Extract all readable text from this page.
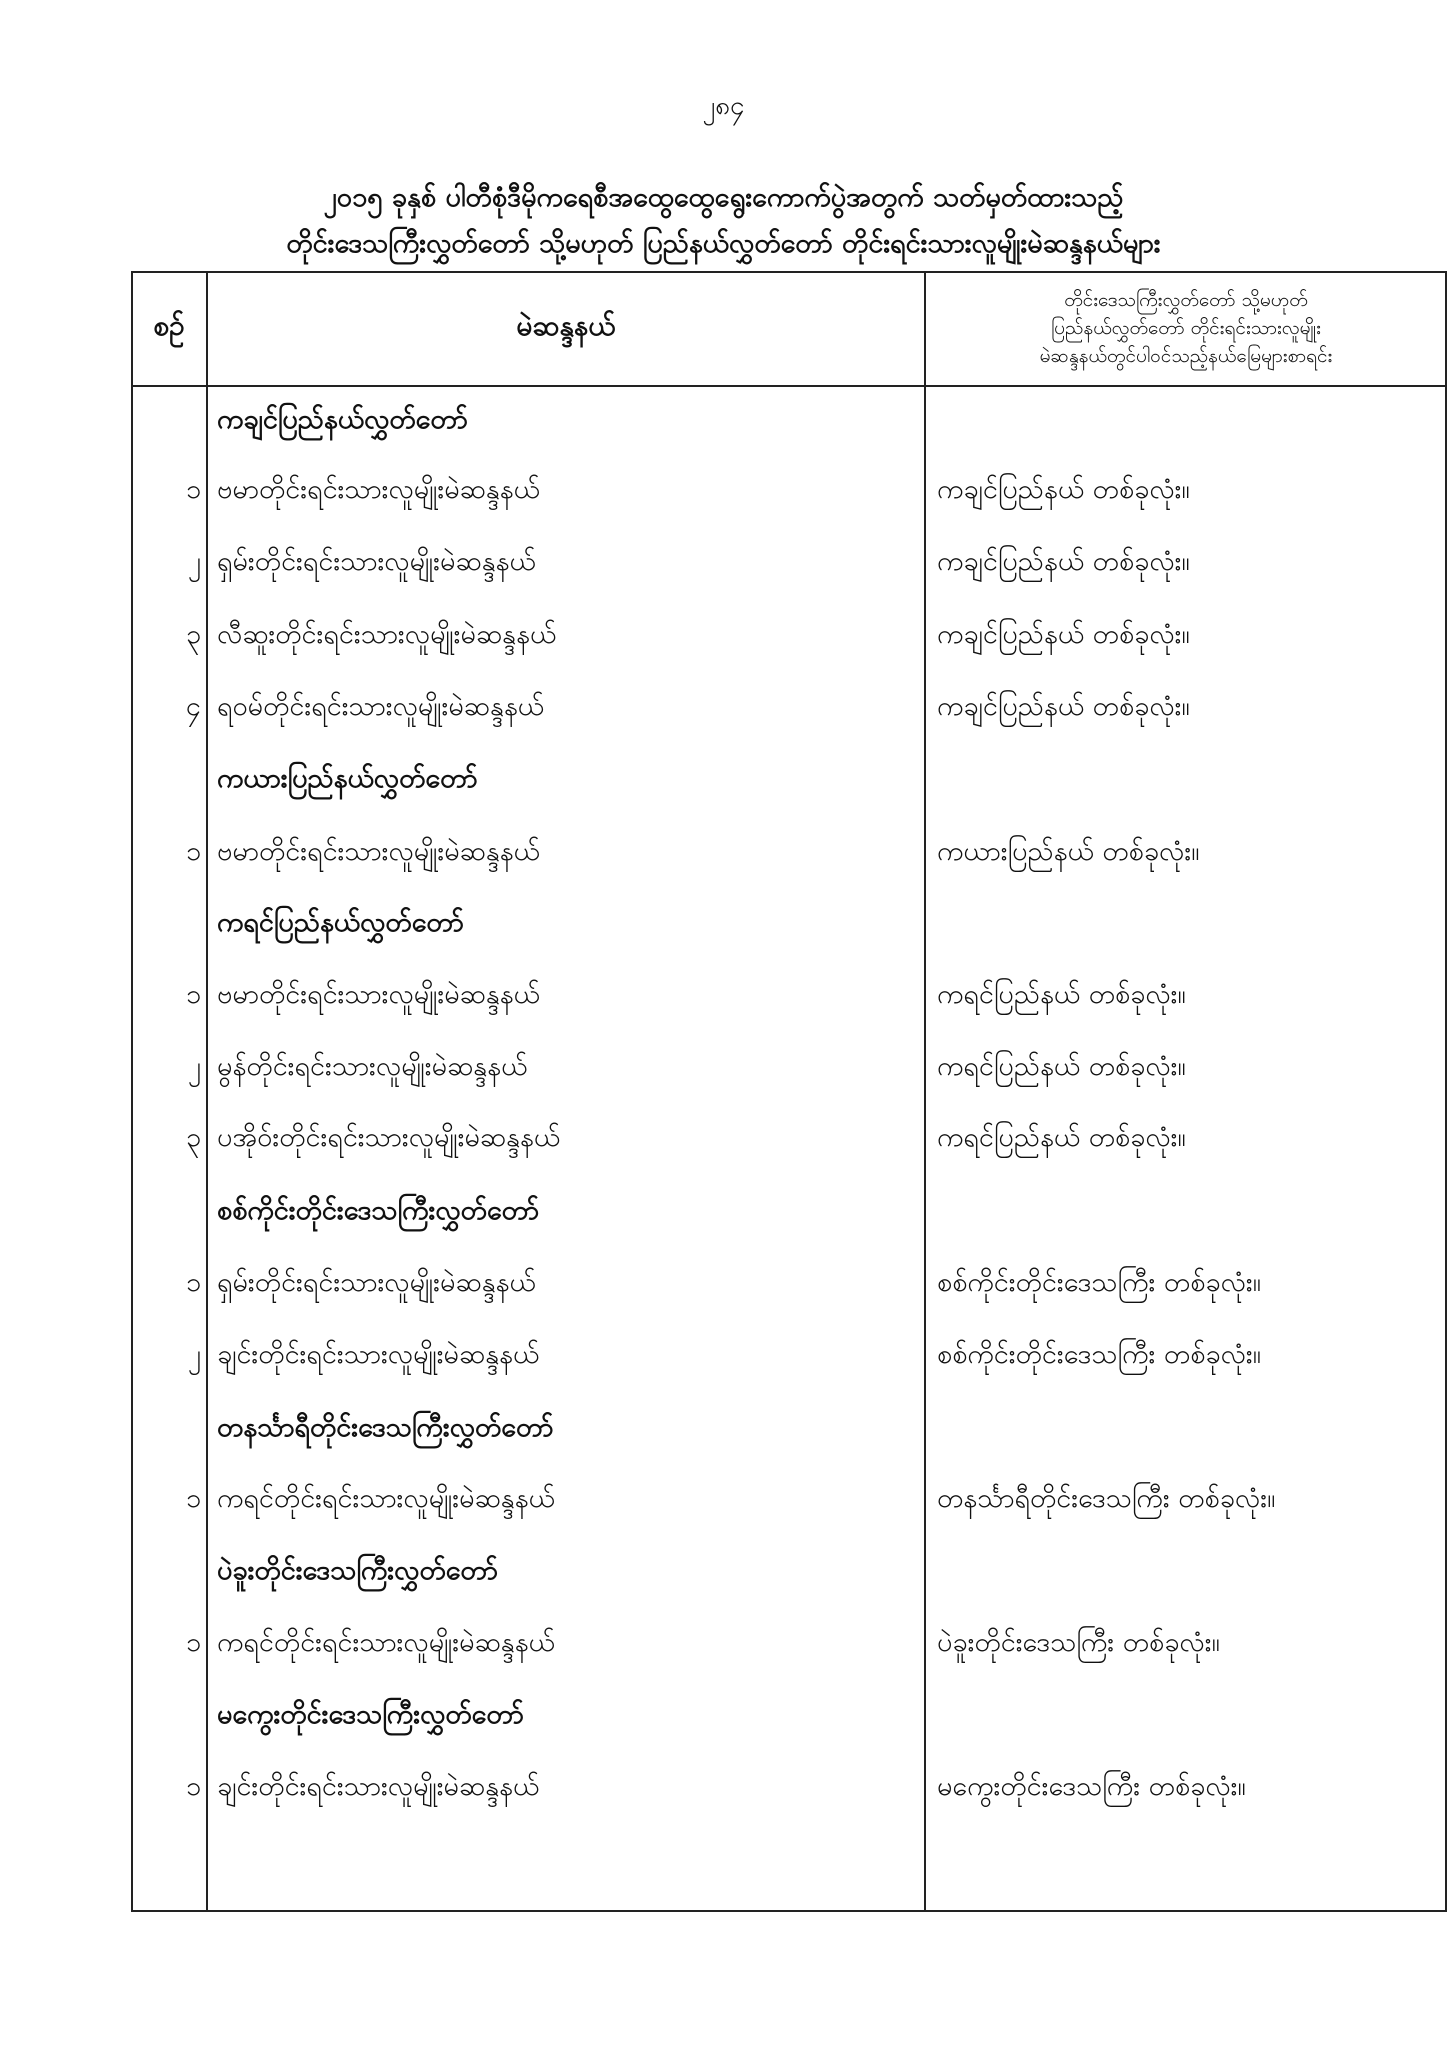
၂၈၄
၂၀၁၅ ခုနှစ် ပါတီစုံဒီမိုကရေစီအထွေထွေရွေးကောက်ပွဲအတွက် သတ်မှတ်ထားသည့်
တိုင်းဒေသကြီးလွှတ်တော် သို့မဟုတ် ပြည်နယ်လွှတ်တော် တိုင်းရင်းသားလူမျိုးမဲဆန္ဒနယ်များ
စဉ်	မဲဆန္ဒနယ်
တိုင်းဒေသကြီးလွှတ်တော် သို့မဟုတ်
ပြည်နယ်လွှတ်တော် တိုင်းရင်းသားလူမျိုး
မဲဆန္ဒနယ်တွင်ပါဝင်သည့်နယ်မြေများစာရင်း
ကချင်ပြည်နယ်လွှတ်တော်
၁ ဗမာတိုင်းရင်းသားလူမျိုးမဲဆန္ဒနယ်	ကချင်ပြည်နယ် တစ်ခုလုံး။
၂ ရှမ်းတိုင်းရင်းသားလူမျိုးမဲဆန္ဒနယ်	ကချင်ပြည်နယ် တစ်ခုလုံး။
၃ လီဆူးတိုင်းရင်းသားလူမျိုးမဲဆန္ဒနယ်	ကချင်ပြည်နယ် တစ်ခုလုံး။
၄ ရဝမ်တိုင်းရင်းသားလူမျိုးမဲဆန္ဒနယ်	ကချင်ပြည်နယ် တစ်ခုလုံး။
ကယားပြည်နယ်လွှတ်တော်
၁ ဗမာတိုင်းရင်းသားလူမျိုးမဲဆန္ဒနယ်	ကယားပြည်နယ် တစ်ခုလုံး။
ကရင်ပြည်နယ်လွှတ်တော်
၁ ဗမာတိုင်းရင်းသားလူမျိုးမဲဆန္ဒနယ်	ကရင်ပြည်နယ် တစ်ခုလုံး။
၂ မွန်တိုင်းရင်းသားလူမျိုးမဲဆန္ဒနယ်	ကရင်ပြည်နယ် တစ်ခုလုံး။
၃ ပအိုဝ်းတိုင်းရင်းသားလူမျိုးမဲဆန္ဒနယ်	ကရင်ပြည်နယ် တစ်ခုလုံး။
စစ်ကိုင်းတိုင်းဒေသကြီးလွှတ်တော်
၁ ရှမ်းတိုင်းရင်းသားလူမျိုးမဲဆန္ဒနယ်	စစ်ကိုင်းတိုင်းဒေသကြီး တစ်ခုလုံး။
၂ ချင်းတိုင်းရင်းသားလူမျိုးမဲဆန္ဒနယ်	စစ်ကိုင်းတိုင်းဒေသကြီး တစ်ခုလုံး။
တနင်္သာရီတိုင်းဒေသကြီးလွှတ်တော်
၁ ကရင်တိုင်းရင်းသားလူမျိုးမဲဆန္ဒနယ်	တနင်္သာရီတိုင်းဒေသကြီး တစ်ခုလုံး။
ပဲခူးတိုင်းဒေသကြီးလွှတ်တော်
၁ ကရင်တိုင်းရင်းသားလူမျိုးမဲဆန္ဒနယ်	ပဲခူးတိုင်းဒေသကြီး တစ်ခုလုံး။
မကွေးတိုင်းဒေသကြီးလွှတ်တော်
၁ ချင်းတိုင်းရင်းသားလူမျိုးမဲဆန္ဒနယ်	မကွေးတိုင်းဒေသကြီး တစ်ခုလုံး။
